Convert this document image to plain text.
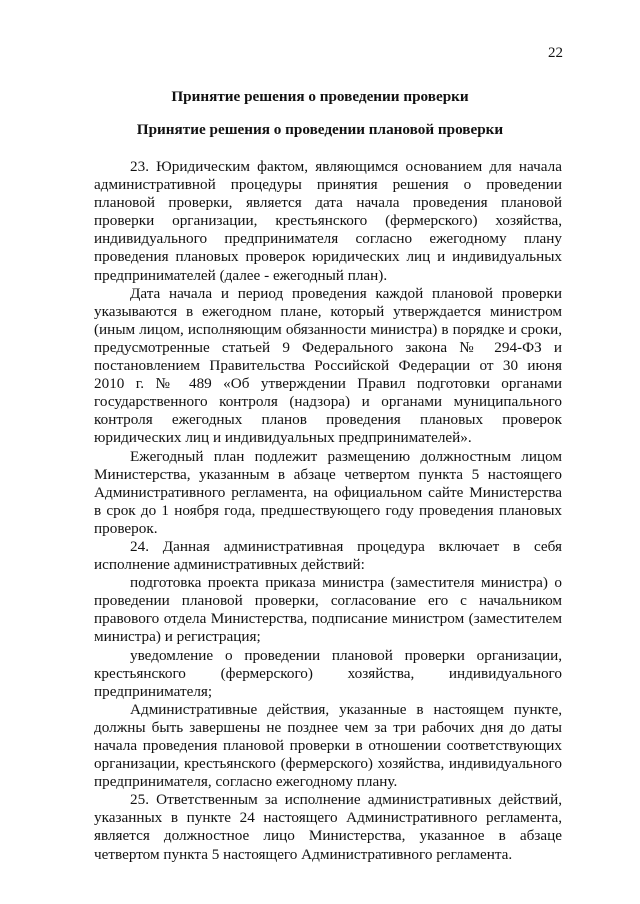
22
Принятие решения о проведении проверки
Принятие решения о проведении плановой проверки

23. Юридическим фактом, являющимся основанием для начала административной процедуры принятия решения о проведении плановой проверки, является дата начала проведения плановой проверки организации, крестьянского (фермерского) хозяйства, индивидуального предпринимателя согласно ежегодному плану проведения плановых проверок юридических лиц и индивидуальных предпринимателей (далее - ежегодный план).

Дата начала и период проведения каждой плановой проверки указываются в ежегодном плане, который утверждается министром (иным лицом, исполняющим обязанности министра) в порядке и сроки, предусмотренные статьей 9 Федерального закона № 294-ФЗ и постановлением Правительства Российской Федерации от 30 июня 2010 г. № 489 «Об утверждении Правил подготовки органами государственного контроля (надзора) и органами муниципального контроля ежегодных планов проведения плановых проверок юридических лиц и индивидуальных предпринимателей».

Ежегодный план подлежит размещению должностным лицом Министерства, указанным в абзаце четвертом пункта 5 настоящего Административного регламента, на официальном сайте Министерства в срок до 1 ноября года, предшествующего году проведения плановых проверок.

24. Данная административная процедура включает в себя исполнение административных действий:

подготовка проекта приказа министра (заместителя министра) о проведении плановой проверки, согласование его с начальником правового отдела Министерства, подписание министром (заместителем министра) и регистрация;

уведомление о проведении плановой проверки организации, крестьянского (фермерского) хозяйства, индивидуального предпринимателя;

Административные действия, указанные в настоящем пункте, должны быть завершены не позднее чем за три рабочих дня до даты начала проведения плановой проверки в отношении соответствующих организации, крестьянского (фермерского) хозяйства, индивидуального предпринимателя, согласно ежегодному плану.

25. Ответственным за исполнение административных действий, указанных в пункте 24 настоящего Административного регламента, является должностное лицо Министерства, указанное в абзаце четвертом пункта 5 настоящего Административного регламента.
